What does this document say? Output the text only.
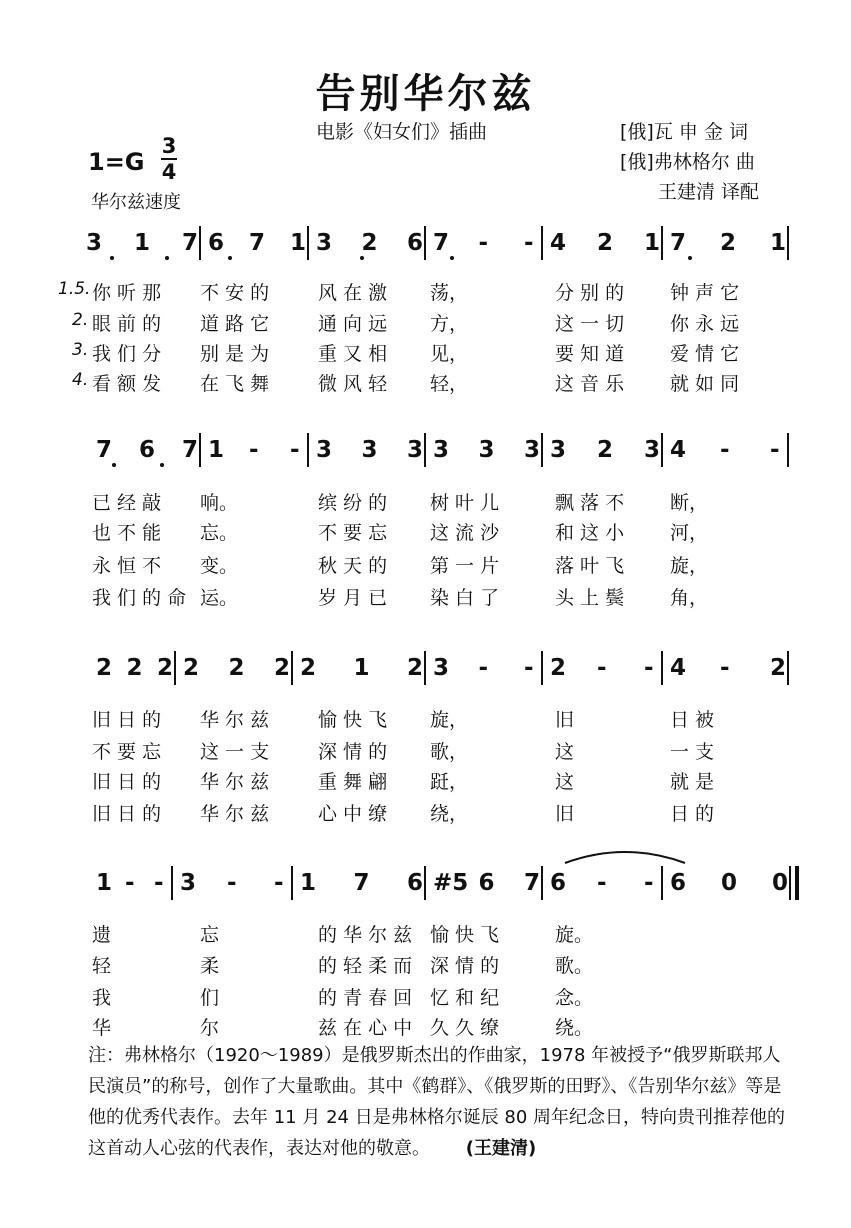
告别华尔兹
电影《妇女们》插曲	[俄]瓦 申 金 词
[俄]弗林格尔 曲
王建清 译配
1=G
3
4
华尔兹速度
3 1 7 6 7 1 3 2 6 7 - - 4 2 1 7 2 1
1.5.
2.
3.
4.
你 听 那 不 安 的	风 在 激 荡，	分 别 的 钟 声 它
眼 前 的 道 路 它	通 向 远 方，	这 一 切 你 永 远
我 们 分 别 是 为	重 又 相 见，	要 知 道 爱 情 它
看 额 发 在 飞 舞	微 风 轻 轻，	这 音 乐 就 如 同
7 6 7 1 - - 3 3 3 3 3 3 3 2 3 4 - -
已 经 敲 响。	缤 纷 的 树 叶 儿	飘 落 不 断，
也 不 能 忘。	不 要 忘 这 流 沙	和 这 小 河，
永 恒 不 变。	秋 天 的 第 一 片	落 叶 飞 旋，
我 们 的 命 运。	岁 月 已 染 白 了	头 上 鬓 角，
2 2 2 2 2 2 2 1 2 3 - - 2 - - 4 - 2
旧 日 的 华 尔 兹	愉 快 飞 旋，	旧	日 被
不 要 忘 这 一 支	深 情 的 歌，	这	一 支
旧 日 的 华 尔 兹	重 舞 翩 跹，	这	就 是
旧 日 的 华 尔 兹	心 中 缭 绕，	旧	日 的
1 - - 3 - - 1 7 6 #5 6 7 6 - - 6 0 0
遗	忘	的 华 尔 兹 愉 快 飞	旋。
轻	柔	的 轻 柔 而 深 情 的	歌。
我	们	的 青 春 回 忆 和 纪	念。
华	尔	兹 在 心 中 久 久 缭	绕。
注：弗林格尔（1920～1989）是俄罗斯杰出的作曲家，1978 年被授予“俄罗斯联邦人民演员”的称号，创作了大量歌曲。其中《鹤群》、《俄罗斯的田野》、《告别华尔兹》等是他的优秀代表作。去年 11 月 24 日是弗林格尔诞辰 80 周年纪念日，特向贵刊推荐他的这首动人心弦的代表作，表达对他的敬意。 (王建清)
